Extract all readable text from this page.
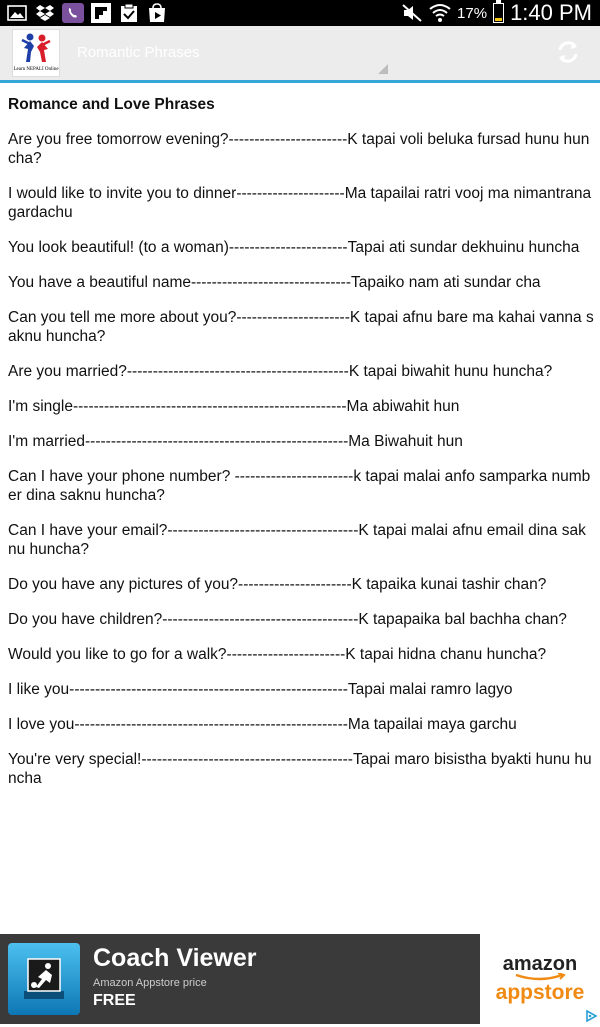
17% 1:40 PM
Learn NEPALI Online
Romantic Phrases
Romance and Love Phrases
Are you free tomorrow evening?-----------------------K tapai voli beluka fursad hunu huncha?
I would like to invite you to dinner---------------------Ma tapailai ratri vooj ma nimantrana gardachu
You look beautiful! (to a woman)-----------------------Tapai ati sundar dekhuinu huncha
You have a beautiful name-------------------------------Tapaiko nam ati sundar cha
Can you tell me more about you?----------------------K tapai afnu bare ma kahai vanna saknu huncha?
Are you married?-------------------------------------------K tapai biwahit hunu huncha?
I'm single-----------------------------------------------------Ma abiwahit hun
I'm married---------------------------------------------------Ma Biwahuit hun
Can I have your phone number? -----------------------k tapai malai anfo samparka number dina saknu huncha?
Can I have your email?-------------------------------------K tapai malai afnu email dina saknu huncha?
Do you have any pictures of you?----------------------K tapaika kunai tashir chan?
Do you have children?--------------------------------------K tapapaika bal bachha chan?
Would you like to go for a walk?-----------------------K tapai hidna chanu huncha?
I like you------------------------------------------------------Tapai malai ramro lagyo
I love you-----------------------------------------------------Ma tapailai maya garchu
You're very special!-----------------------------------------Tapai maro bisistha byakti hunu huncha
Coach Viewer
Amazon Appstore price
FREE
amazon
appstore
